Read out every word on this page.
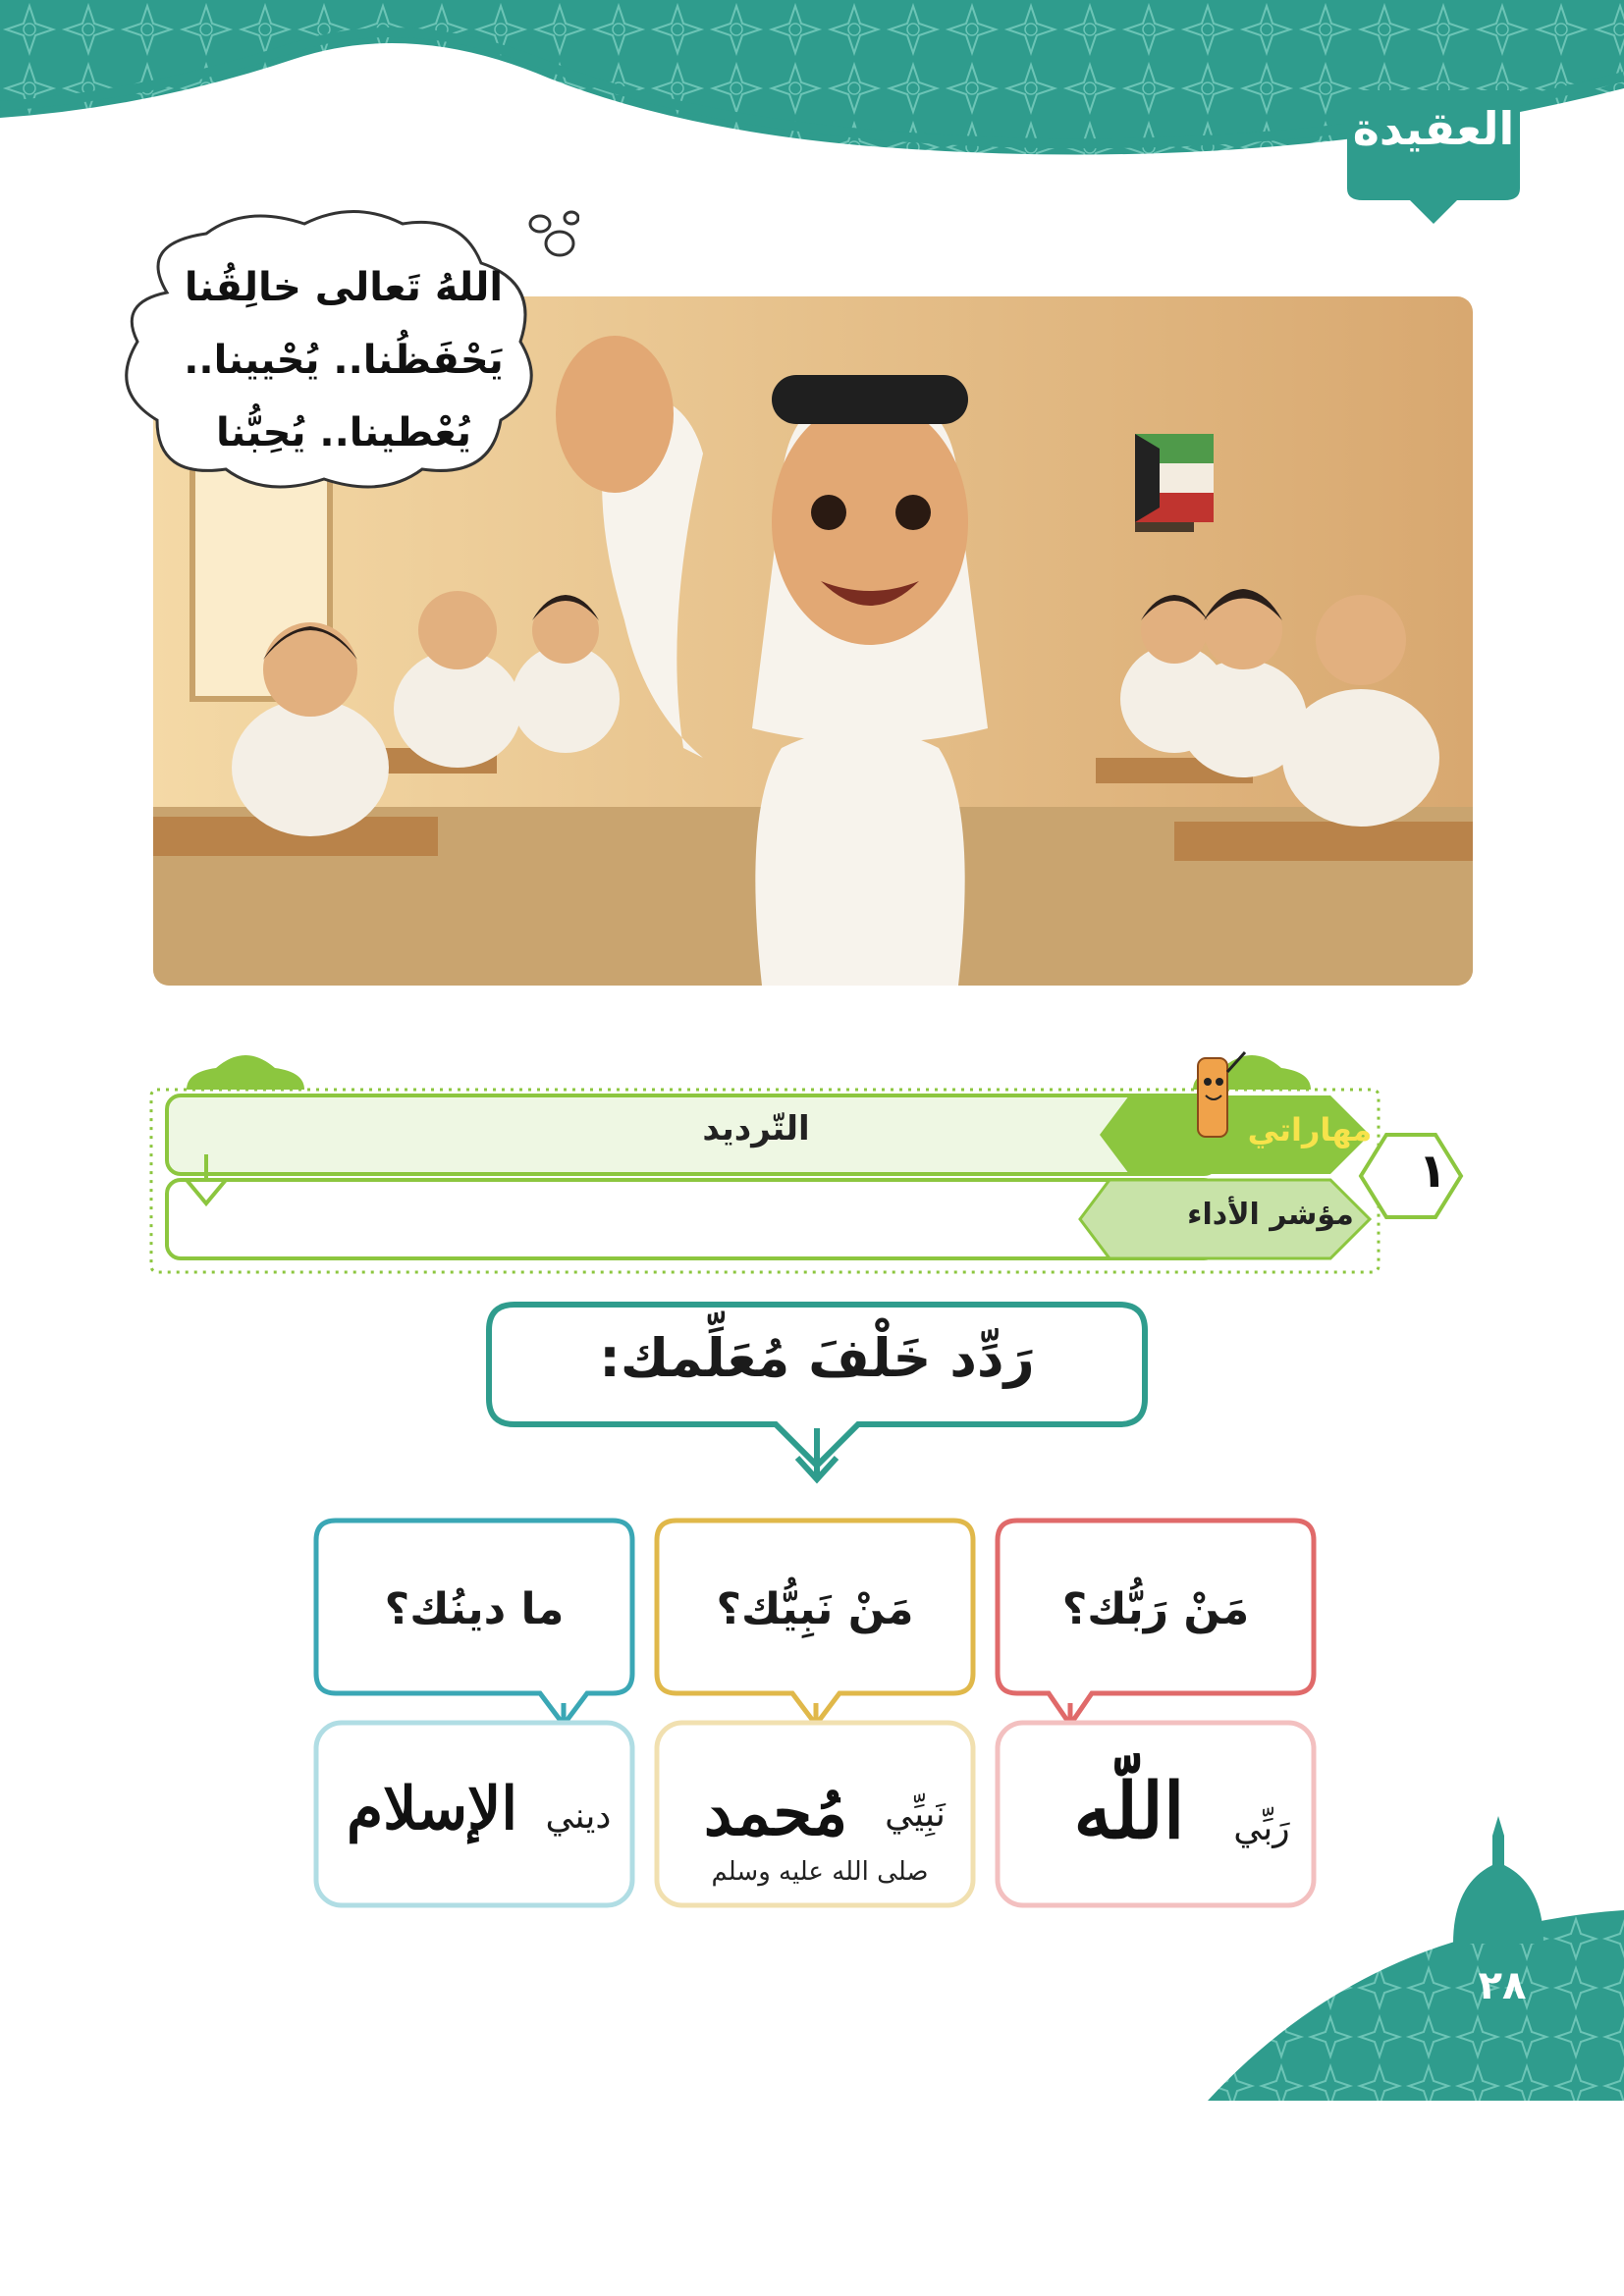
العقيدة
اللهُ تَعالى خالِقُنا
يَحْفَظُنا.. يُحْيينا..
يُعْطينا.. يُحِبُّنا
التّرديد	مهاراتي
مؤشر الأداء
١
رَدِّد خَلْفَ مُعَلِّمك:
مَنْ رَبُّك؟
رَبِّي
اللّه
مَنْ نَبِيُّك؟
نَبِيِّي
مُحمد
صلى الله عليه وسلم
ما دينُك؟
ديني
الإسلام
٢٨
